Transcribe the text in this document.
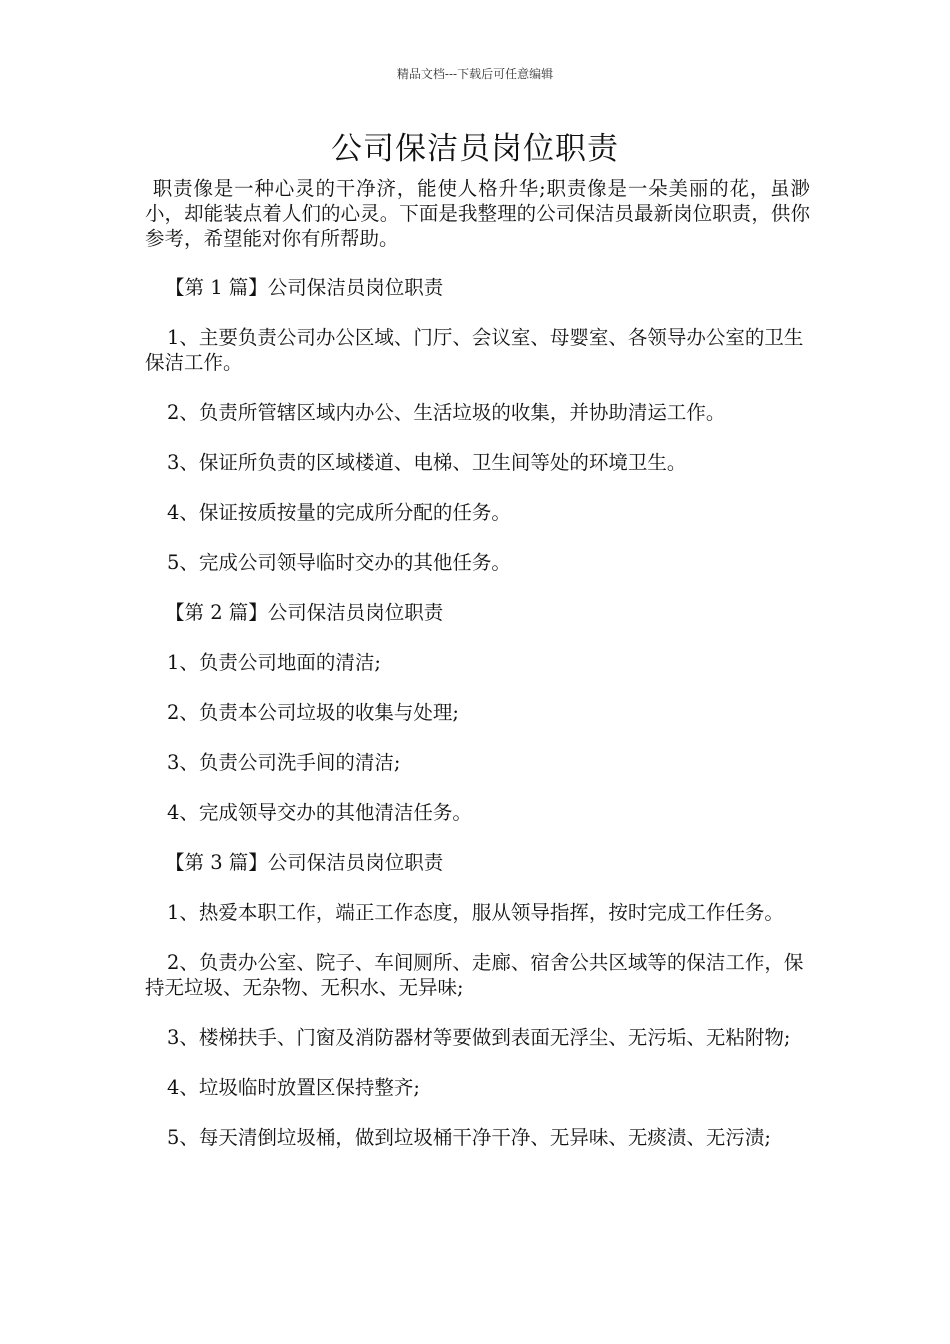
精品文档---下载后可任意编辑
公司保洁员岗位职责

职责像是一种心灵的干净济，能使人格升华;职责像是一朵美丽的花，虽渺小，却能装点着人们的心灵。下面是我整理的公司保洁员最新岗位职责，供你参考，希望能对你有所帮助。

【第 1 篇】公司保洁员岗位职责

1、主要负责公司办公区域、门厅、会议室、母婴室、各领导办公室的卫生保洁工作。

2、负责所管辖区域内办公、生活垃圾的收集，并协助清运工作。

3、保证所负责的区域楼道、电梯、卫生间等处的环境卫生。

4、保证按质按量的完成所分配的任务。

5、完成公司领导临时交办的其他任务。

【第 2 篇】公司保洁员岗位职责

1、负责公司地面的清洁;

2、负责本公司垃圾的收集与处理;

3、负责公司洗手间的清洁;

4、完成领导交办的其他清洁任务。

【第 3 篇】公司保洁员岗位职责

1、热爱本职工作，端正工作态度，服从领导指挥，按时完成工作任务。

2、负责办公室、院子、车间厕所、走廊、宿舍公共区域等的保洁工作，保持无垃圾、无杂物、无积水、无异味;

3、楼梯扶手、门窗及消防器材等要做到表面无浮尘、无污垢、无粘附物;

4、垃圾临时放置区保持整齐;

5、每天清倒垃圾桶，做到垃圾桶干净干净、无异味、无痰渍、无污渍;
